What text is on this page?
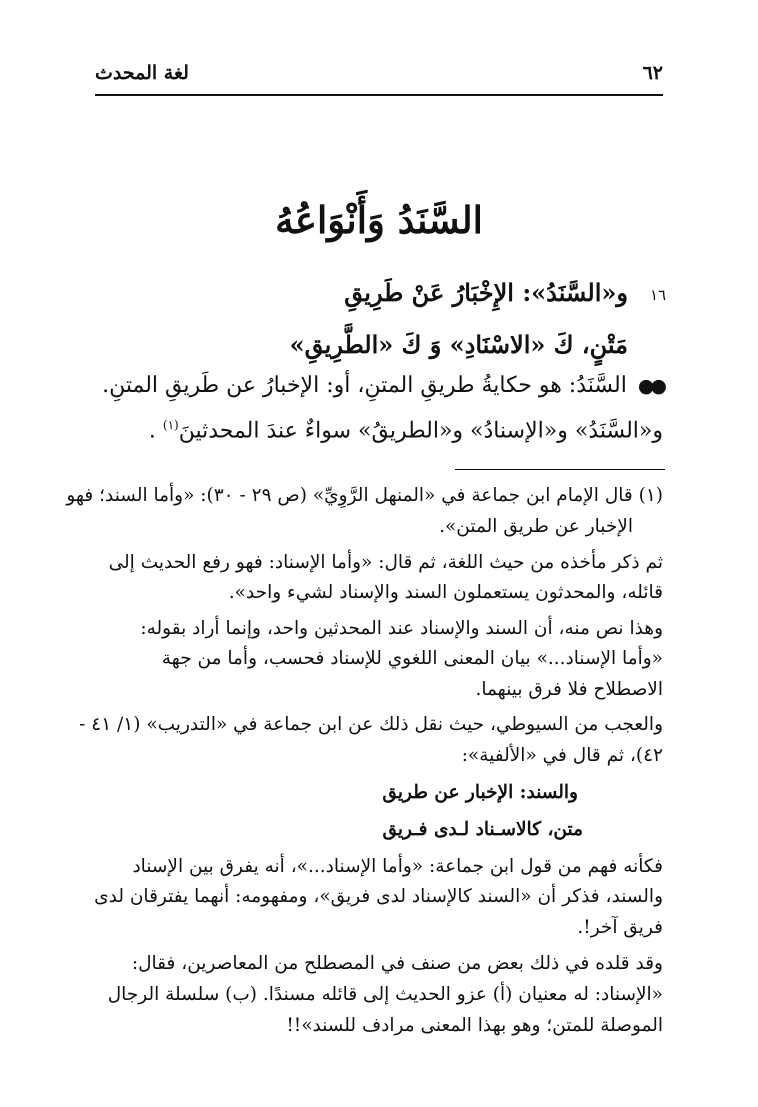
لغة المحدث	٦٢
السَّنَدُ وَأَنْوَاعُهُ
١٦
و«السَّنَدُ»: الإِخْبَارُ عَنْ طَرِيقِ
مَتْنٍ، كَ «الاسْنَادِ» وَ كَ «الطَّرِيقِ»
●● السَّنَدُ: هو حكايةُ طريقِ المتنِ، أو: الإخبارُ عن طَريقِ المتنِ.
و«السَّنَدُ» و«الإسنادُ» و«الطريقُ» سواءٌ عندَ المحدثينَ$^{(١)}$ .
(١) قال الإمام ابن جماعة في «المنهل الرَّوِيِّ» (ص ٢٩ - ٣٠): «وأما السند؛ فهو
الإخبار عن طريق المتن».
ثم ذكر مأخذه من حيث اللغة، ثم قال: «وأما الإسناد: فهو رفع الحديث إلى
قائله، والمحدثون يستعملون السند والإسناد لشيء واحد».
وهذا نص منه، أن السند والإسناد عند المحدثين واحد، وإنما أراد بقوله:
«وأما الإسناد...» بيان المعنى اللغوي للإسناد فحسب، وأما من جهة
الاصطلاح فلا فرق بينهما.
والعجب من السيوطي، حيث نقل ذلك عن ابن جماعة في «التدريب» (١/ ٤١ -
٤٢)، ثم قال في «الألفية»:
والسند: الإخبار عن طريق
متن، كالاسـناد لـدى فـريق
فكأنه فهم من قول ابن جماعة: «وأما الإسناد...»، أنه يفرق بين الإسناد
والسند، فذكر أن «السند كالإسناد لدى فريق»، ومفهومه: أنهما يفترقان لدى
فريق آخر!.
وقد قلده في ذلك بعض من صنف في المصطلح من المعاصرين، فقال:
«الإسناد: له معنيان (أ) عزو الحديث إلى قائله مسندًا. (ب) سلسلة الرجال
الموصلة للمتن؛ وهو بهذا المعنى مرادف للسند»!!
